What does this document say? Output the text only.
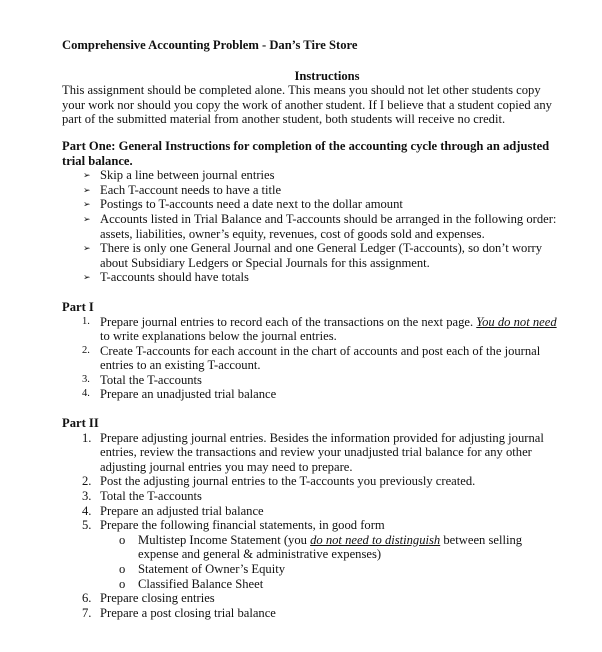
Comprehensive Accounting Problem - Dan’s Tire Store

Instructions

This assignment should be completed alone. This means you should not let other students copy your work nor should you copy the work of another student. If I believe that a student copied any part of the submitted material from another student, both students will receive no credit.

Part One: General Instructions for completion of the accounting cycle through an adjusted trial balance.

➢ Skip a line between journal entries
➢ Each T-account needs to have a title
➢ Postings to T-accounts need a date next to the dollar amount
➢ Accounts listed in Trial Balance and T-accounts should be arranged in the following order: assets, liabilities, owner’s equity, revenues, cost of goods sold and expenses.
➢ There is only one General Journal and one General Ledger (T-accounts), so don’t worry about Subsidiary Ledgers or Special Journals for this assignment.
➢ T-accounts should have totals

Part I

1. Prepare journal entries to record each of the transactions on the next page. You do not need to write explanations below the journal entries.
2. Create T-accounts for each account in the chart of accounts and post each of the journal entries to an existing T-account.
3. Total the T-accounts
4. Prepare an unadjusted trial balance

Part II

1. Prepare adjusting journal entries. Besides the information provided for adjusting journal entries, review the transactions and review your unadjusted trial balance for any other adjusting journal entries you may need to prepare.
2. Post the adjusting journal entries to the T-accounts you previously created.
3. Total the T-accounts
4. Prepare an adjusted trial balance
5. Prepare the following financial statements, in good form
o Multistep Income Statement (you do not need to distinguish between selling expense and general & administrative expenses)
o Statement of Owner’s Equity
o Classified Balance Sheet
6. Prepare closing entries
7. Prepare a post closing trial balance
